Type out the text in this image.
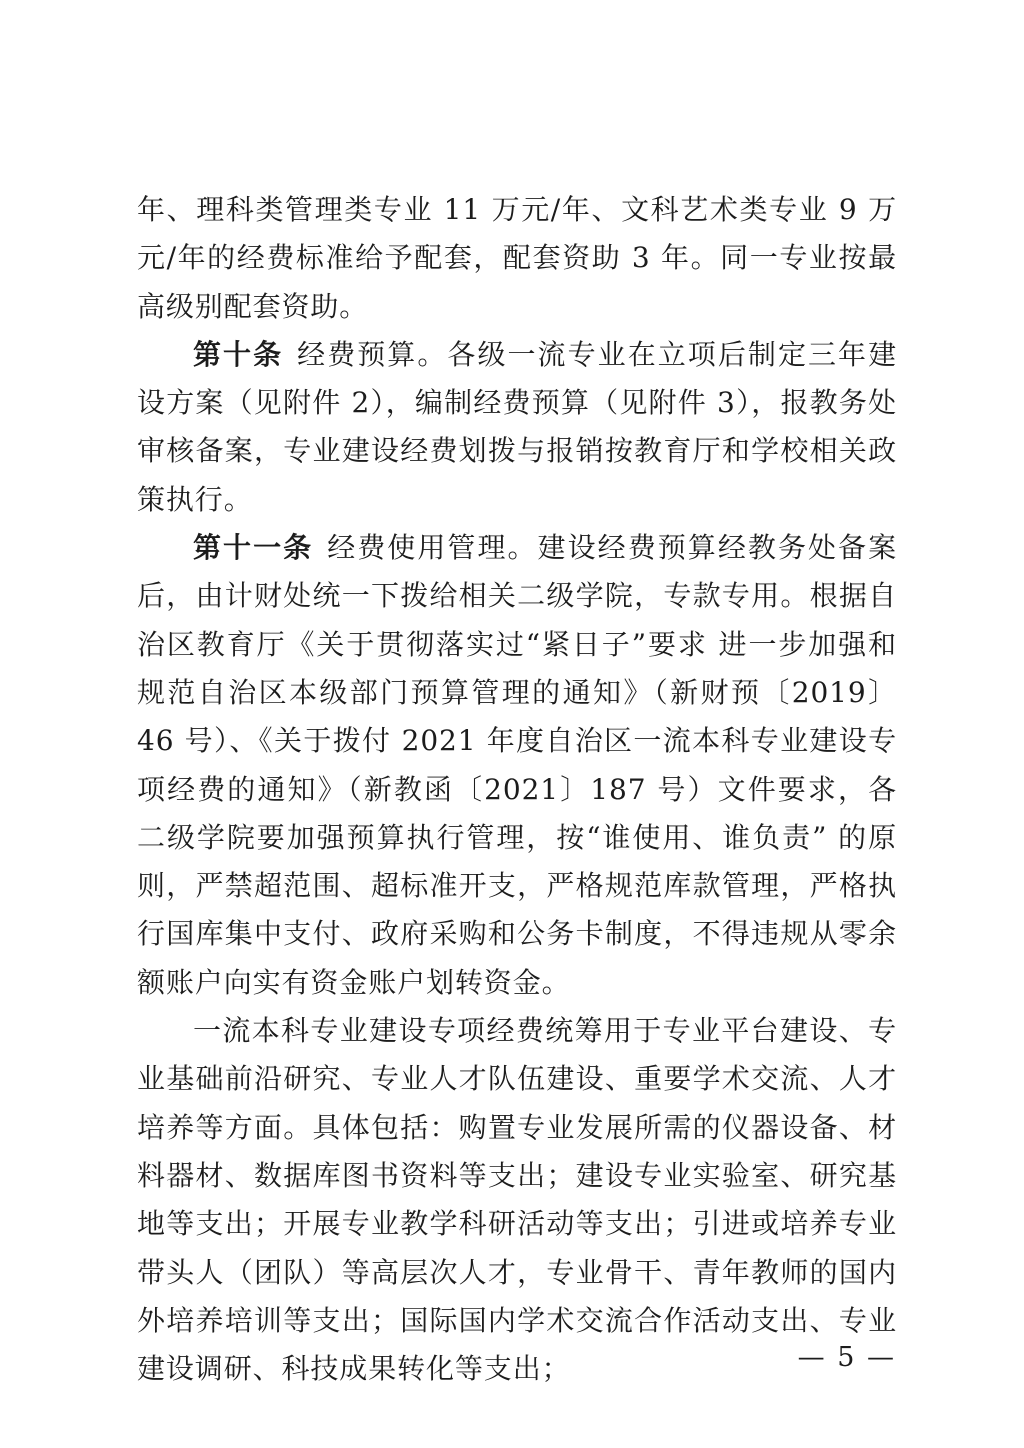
年、理科类管理类专业 11 万元/年、文科艺术类专业 9 万元/年的经费标准给予配套，配套资助 3 年。同一专业按最高级别配套资助。

第十条 经费预算。各级一流专业在立项后制定三年建设方案（见附件 2），编制经费预算（见附件 3），报教务处审核备案，专业建设经费划拨与报销按教育厅和学校相关政策执行。

第十一条 经费使用管理。建设经费预算经教务处备案后，由计财处统一下拨给相关二级学院，专款专用。根据自治区教育厅《关于贯彻落实过“紧日子”要求 进一步加强和规范自治区本级部门预算管理的通知》（新财预〔2019〕46 号）、《关于拨付 2021 年度自治区一流本科专业建设专项经费的通知》（新教函〔2021〕187 号）文件要求，各二级学院要加强预算执行管理，按“谁使用、谁负责” 的原则，严禁超范围、超标准开支，严格规范库款管理，严格执行国库集中支付、政府采购和公务卡制度，不得违规从零余额账户向实有资金账户划转资金。

一流本科专业建设专项经费统筹用于专业平台建设、专业基础前沿研究、专业人才队伍建设、重要学术交流、人才培养等方面。具体包括：购置专业发展所需的仪器设备、材料器材、数据库图书资料等支出；建设专业实验室、研究基地等支出；开展专业教学科研活动等支出；引进或培养专业带头人（团队）等高层次人才，专业骨干、青年教师的国内外培养培训等支出；国际国内学术交流合作活动支出、专业建设调研、科技成果转化等支出；	— 5 —
